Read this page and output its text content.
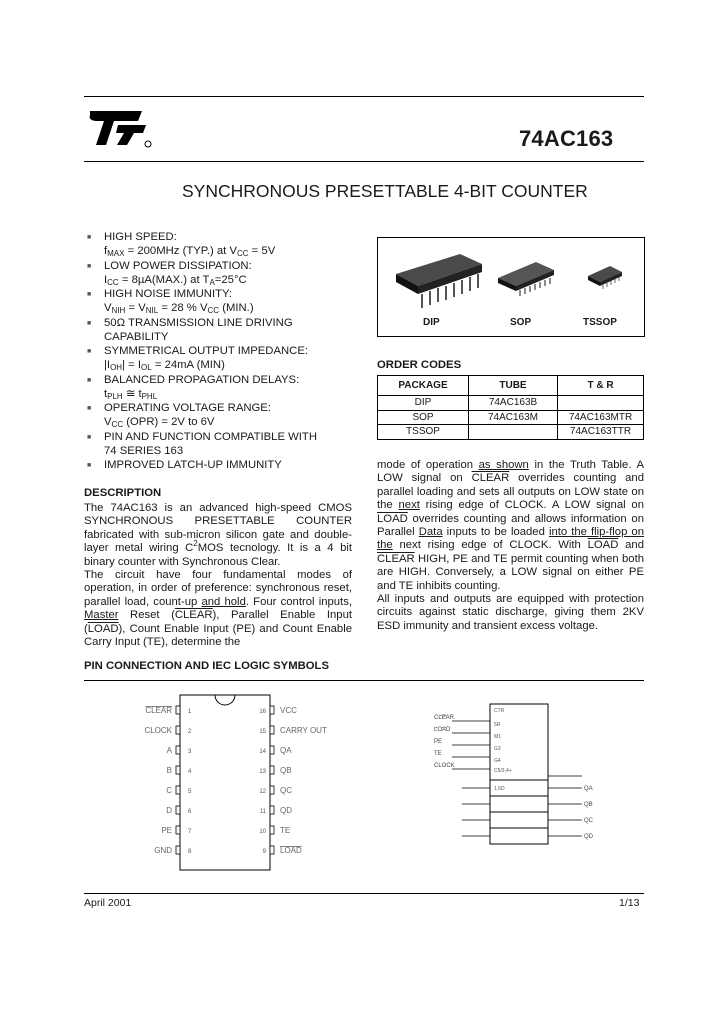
74AC163
SYNCHRONOUS PRESETTABLE 4-BIT COUNTER
■ HIGH SPEED:
$f_{MAX} = 200MHz$ (TYP.) at $V_{CC} = 5V$
■ LOW POWER DISSIPATION:
$I_{CC} = 8\mu A(MAX.)$ at $T_A=25^\circ C$
■ HIGH NOISE IMMUNITY:
$V_{NIH} = V_{NIL} = 28$ % $V_{CC}$ (MIN.)
■ 50Ω TRANSMISSION LINE DRIVING
CAPABILITY
■ SYMMETRICAL OUTPUT IMPEDANCE:
$|I_{OH}| = I_{OL} = 24mA$ (MIN)
■ BALANCED PROPAGATION DELAYS:
$t_{PLH}$ ≅ $t_{PHL}$
■ OPERATING VOLTAGE RANGE:
$V_{CC}$ (OPR) = 2V to 6V
■ PIN AND FUNCTION COMPATIBLE WITH
74 SERIES 163
■ IMPROVED LATCH-UP IMMUNITY
DIP	SOP	TSSOP
ORDER CODES
PACKAGE	TUBE	T & R
DIP	74AC163B	
SOP	74AC163M	74AC163MTR
TSSOP		74AC163TTR
DESCRIPTION
The 74AC163 is an advanced high-speed CMOS SYNCHRONOUS PRESETTABLE COUNTER fabricated with sub-micron silicon gate and double-layer metal wiring $C^2MOS$ tecnology. It is a 4 bit binary counter with Synchronous Clear.
The circuit have four fundamental modes of operation, in order of preference: synchronous reset, parallel load, count-up and hold. Four control inputs, Master Reset (CLEAR), Parallel Enable Input (LOAD), Count Enable Input (PE) and Count Enable Carry Input (TE), determine the
mode of operation as shown in the Truth Table. A LOW signal on CLEAR overrides counting and parallel loading and sets all outputs on LOW state on the next rising edge of CLOCK. A LOW signal on LOAD overrides counting and allows information on Parallel Data inputs to be loaded into the flip-flop on the next rising edge of CLOCK. With LOAD and CLEAR HIGH, PE and TE permit counting when both are HIGH. Conversely, a LOW signal on either PE and TE inhibits counting.
All inputs and outputs are equipped with protection circuits against static discharge, giving them 2KV ESD immunity and transient excess voltage.
PIN CONNECTION AND IEC LOGIC SYMBOLS
1
CLEAR
2
CLOCK
3
A
4
B
5
C
6
D
7
PE
8
GND
16 VCC
15 CARRY OUT
14 QA
13 QB
12 QC
11 QD
10 TE
9 LOAD
CTR
5R
M1
G3
G4
C5/3,4+
1,5D
CLEAR
LOAD
PE
TE
CLOCK
QA
QB
QC
QD
April 2001	1/13
